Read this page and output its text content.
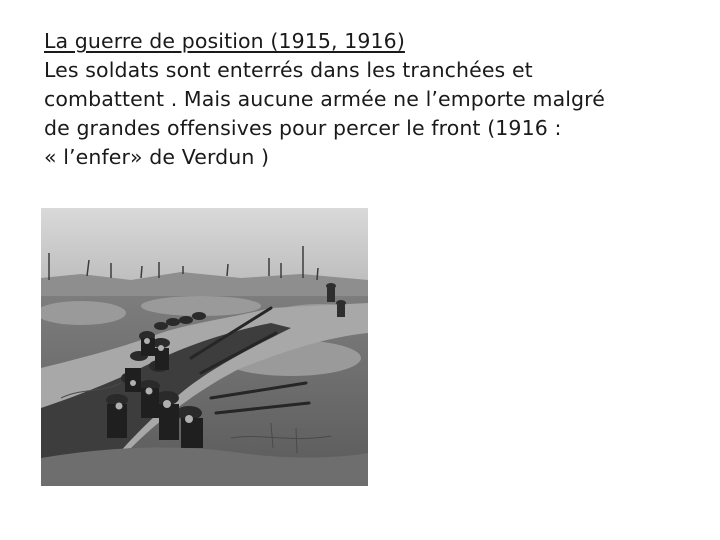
La guerre de position (1915, 1916)
Les soldats sont enterrés dans les tranchées et
combattent . Mais aucune armée ne l’emporte malgré
de grandes offensives pour percer le front (1916 :
« l’enfer» de Verdun )
